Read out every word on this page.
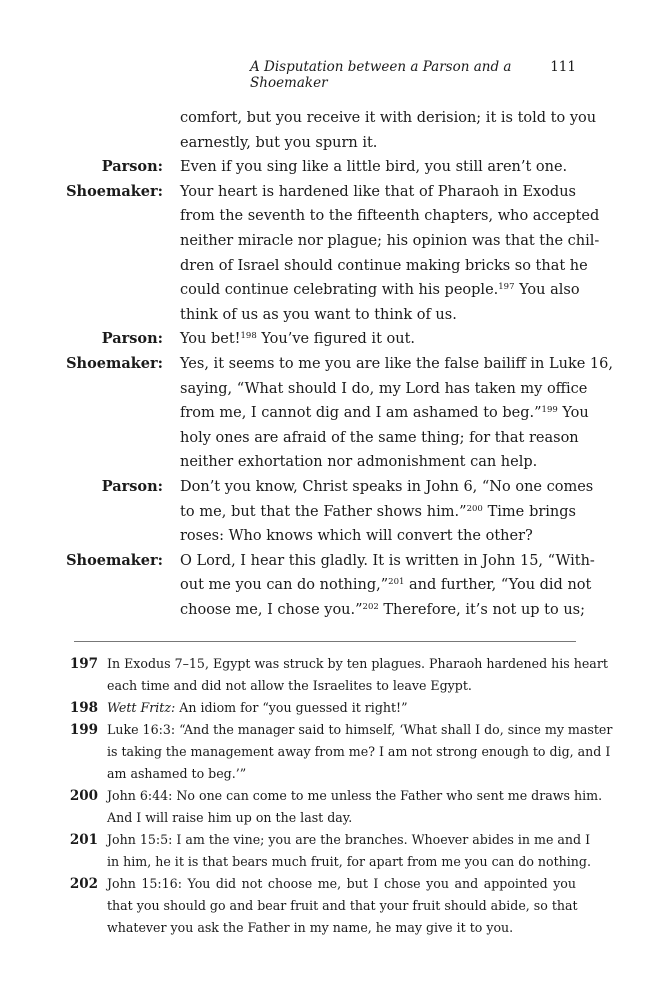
A Disputation between a Parson and a Shoemaker
111
comfort, but you receive it with derision; it is told to you
earnestly, but you spurn it.
Parson: Even if you sing like a little bird, you still aren’t one.
Shoemaker: Your heart is hardened like that of Pharaoh in Exodus
from the seventh to the fifteenth chapters, who accepted
neither miracle nor plague; his opinion was that the chil-
dren of Israel should continue making bricks so that he
could continue celebrating with his people.$^{197}$ You also
think of us as you want to think of us.
Parson: You bet!$^{198}$ You’ve figured it out.
Shoemaker: Yes, it seems to me you are like the false bailiff in Luke 16,
saying, “What should I do, my Lord has taken my office
from me, I cannot dig and I am ashamed to beg.”$^{199}$ You
holy ones are afraid of the same thing; for that reason
neither exhortation nor admonishment can help.
Parson: Don’t you know, Christ speaks in John 6, “No one comes
to me, but that the Father shows him.”$^{200}$ Time brings
roses: Who knows which will convert the other?
Shoemaker: O Lord, I hear this gladly. It is written in John 15, “With-
out me you can do nothing,”$^{201}$ and further, “You did not
choose me, I chose you.”$^{202}$ Therefore, it’s not up to us;
197 In Exodus 7–15, Egypt was struck by ten plagues. Pharaoh hardened his heart
each time and did not allow the Israelites to leave Egypt.
198 Wett Fritz: An idiom for “you guessed it right!”
199 Luke 16:3: “And the manager said to himself, ‘What shall I do, since my master
is taking the management away from me? I am not strong enough to dig, and I
am ashamed to beg.’”
200 John 6:44: No one can come to me unless the Father who sent me draws him.
And I will raise him up on the last day.
201 John 15:5: I am the vine; you are the branches. Whoever abides in me and I
in him, he it is that bears much fruit, for apart from me you can do nothing.
202 John 15:16: You did not choose me, but I chose you and appointed you
that you should go and bear fruit and that your fruit should abide, so that
whatever you ask the Father in my name, he may give it to you.
